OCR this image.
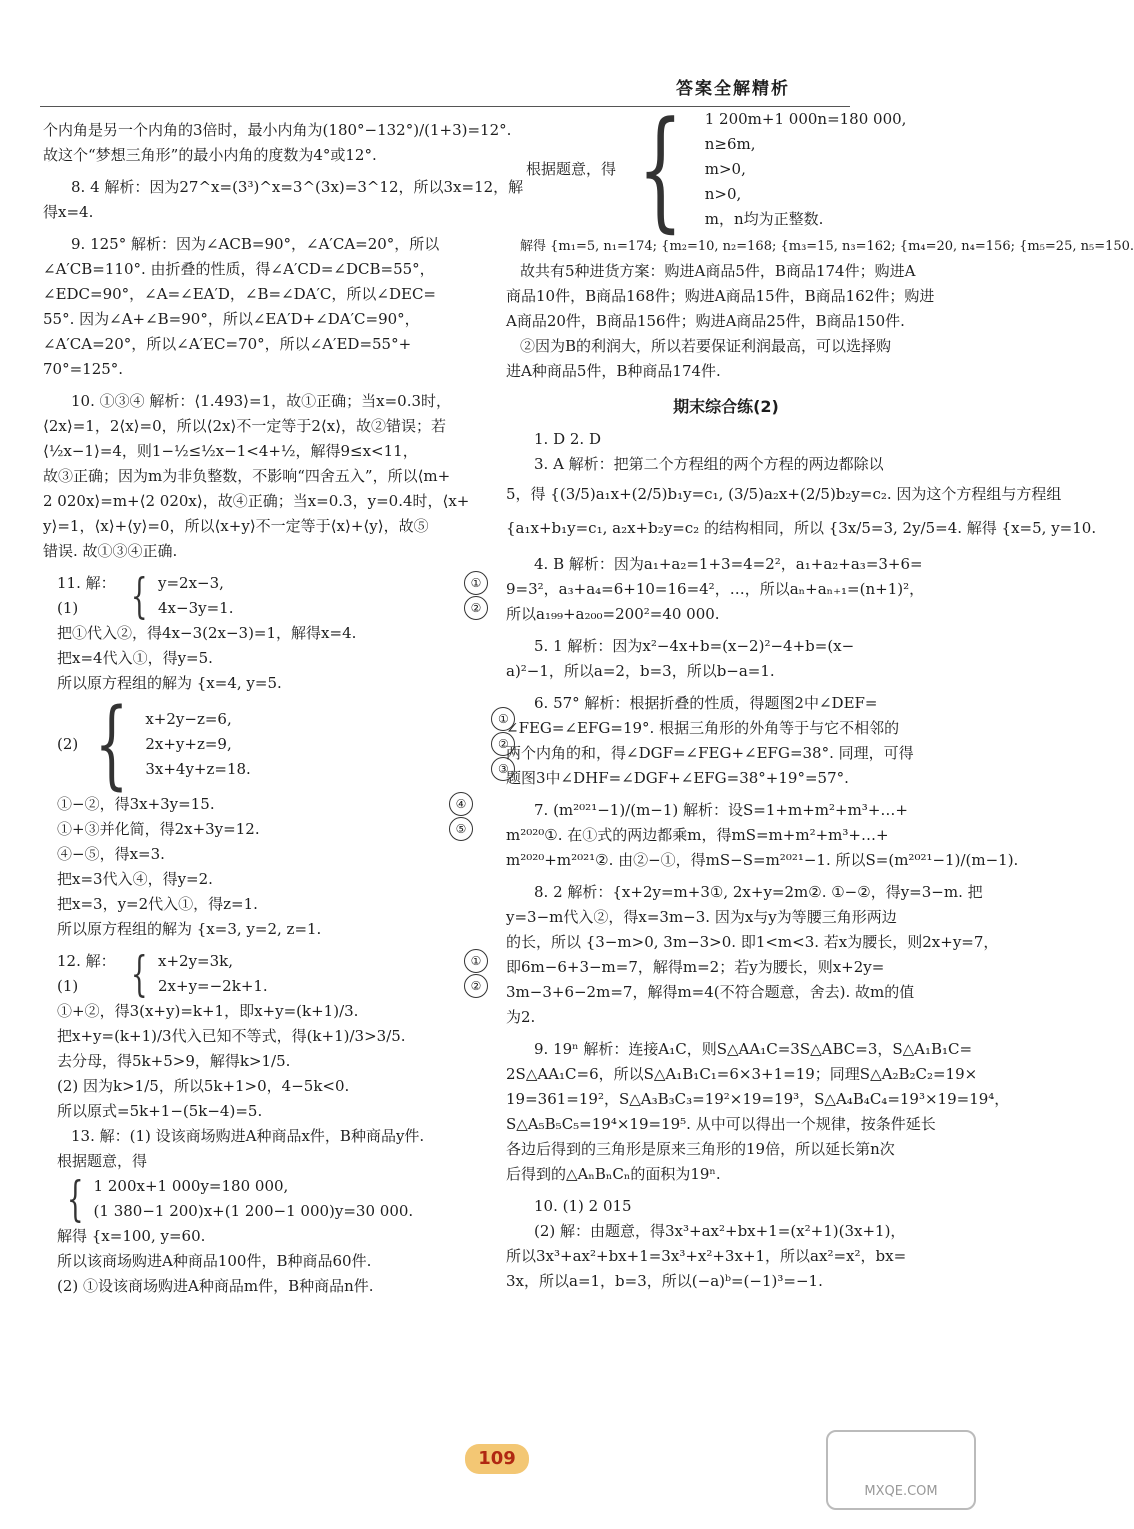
答案全解精析
个内角是另一个内角的3倍时，最小内角为(180°−132°)/(1+3)=12°.
故这个“梦想三角形”的最小内角的度数为4°或12°.
8. 4 解析：因为27^x=(3³)^x=3^(3x)=3^12，所以3x=12，解
得x=4.
9. 125° 解析：因为∠ACB=90°，∠A′CA=20°，所以
∠A′CB=110°. 由折叠的性质，得∠A′CD=∠DCB=55°，
∠EDC=90°，∠A=∠EA′D，∠B=∠DA′C，所以∠DEC=
55°. 因为∠A+∠B=90°，所以∠EA′D+∠DA′C=90°，
∠A′CA=20°，所以∠A′EC=70°，所以∠A′ED=55°+
70°=125°.
10. ①③④ 解析：⟨1.493⟩=1，故①正确；当x=0.3时，
⟨2x⟩=1，2⟨x⟩=0，所以⟨2x⟩不一定等于2⟨x⟩，故②错误；若
⟨½x−1⟩=4，则1−½≤½x−1<4+½，解得9≤x<11，
故③正确；因为m为非负整数，不影响“四舍五入”，所以⟨m+
2 020x⟩=m+⟨2 020x⟩，故④正确；当x=0.3，y=0.4时，⟨x+
y⟩=1，⟨x⟩+⟨y⟩=0，所以⟨x+y⟩不一定等于⟨x⟩+⟨y⟩，故⑤
错误. 故①③④正确.
11. 解：(1)	{ y=2x−3,	①
4x−3y=1.	②
把①代入②，得4x−3(2x−3)=1，解得x=4.
把x=4代入①，得y=5.
所以原方程组的解为 {x=4, y=5.
(2) { x+2y−z=6,	①
2x+y+z=9,	②
3x+4y+z=18.	③
①−②，得3x+3y=15.	④
①+③并化简，得2x+3y=12.	⑤
④−⑤，得x=3.
把x=3代入④，得y=2.
把x=3，y=2代入①，得z=1.
所以原方程组的解为 {x=3, y=2, z=1.
12. 解：(1)	{ x+2y=3k,	①
2x+y=−2k+1.	②
①+②，得3(x+y)=k+1，即x+y=(k+1)/3.
把x+y=(k+1)/3代入已知不等式，得(k+1)/3>3/5.
去分母，得5k+5>9，解得k>1/5.
(2) 因为k>1/5，所以5k+1>0，4−5k<0.
所以原式=5k+1−(5k−4)=5.
13. 解：(1) 设该商场购进A种商品x件，B种商品y件.
根据题意，得
{ 1 200x+1 000y=180 000,
(1 380−1 200)x+(1 200−1 000)y=30 000.
解得 {x=100, y=60.
所以该商场购进A种商品100件，B种商品60件.
(2) ①设该商场购进A种商品m件，B种商品n件.
根据题意，得 { 1 200m+1 000n=180 000,
n≥6m,
m>0,
n>0,
m，n均为正整数.
解得 {m₁=5, n₁=174; {m₂=10, n₂=168; {m₃=15, n₃=162; {m₄=20, n₄=156; {m₅=25, n₅=150.
故共有5种进货方案：购进A商品5件，B商品174件；购进A
商品10件，B商品168件；购进A商品15件，B商品162件；购进
A商品20件，B商品156件；购进A商品25件，B商品150件.
②因为B的利润大，所以若要保证利润最高，可以选择购
进A种商品5件，B种商品174件.
期末综合练(2)
1. D 2. D
3. A 解析：把第二个方程组的两个方程的两边都除以
5，得 {(3/5)a₁x+(2/5)b₁y=c₁, (3/5)a₂x+(2/5)b₂y=c₂. 因为这个方程组与方程组
{a₁x+b₁y=c₁, a₂x+b₂y=c₂ 的结构相同，所以 {3x/5=3, 2y/5=4. 解得 {x=5, y=10.
4. B 解析：因为a₁+a₂=1+3=4=2²，a₁+a₂+a₃=3+6=
9=3²，a₃+a₄=6+10=16=4²，…，所以aₙ+aₙ₊₁=(n+1)²，
所以a₁₉₉+a₂₀₀=200²=40 000.
5. 1 解析：因为x²−4x+b=(x−2)²−4+b=(x−
a)²−1，所以a=2，b=3，所以b−a=1.
6. 57° 解析：根据折叠的性质，得题图2中∠DEF=
∠FEG=∠EFG=19°. 根据三角形的外角等于与它不相邻的
两个内角的和，得∠DGF=∠FEG+∠EFG=38°. 同理，可得
题图3中∠DHF=∠DGF+∠EFG=38°+19°=57°.
7. (m²⁰²¹−1)/(m−1) 解析：设S=1+m+m²+m³+…+
m²⁰²⁰①. 在①式的两边都乘m，得mS=m+m²+m³+…+
m²⁰²⁰+m²⁰²¹②. 由②−①，得mS−S=m²⁰²¹−1. 所以S=(m²⁰²¹−1)/(m−1).
8. 2 解析：{x+2y=m+3①, 2x+y=2m②. ①−②，得y=3−m. 把
y=3−m代入②，得x=3m−3. 因为x与y为等腰三角形两边
的长，所以 {3−m>0, 3m−3>0. 即1<m<3. 若x为腰长，则2x+y=7，
即6m−6+3−m=7，解得m=2；若y为腰长，则x+2y=
3m−3+6−2m=7，解得m=4(不符合题意，舍去). 故m的值
为2.
9. 19ⁿ 解析：连接A₁C，则S△AA₁C=3S△ABC=3，S△A₁B₁C=
2S△AA₁C=6，所以S△A₁B₁C₁=6×3+1=19；同理S△A₂B₂C₂=19×
19=361=19²，S△A₃B₃C₃=19²×19=19³，S△A₄B₄C₄=19³×19=19⁴，
S△A₅B₅C₅=19⁴×19=19⁵. 从中可以得出一个规律，按条件延长
各边后得到的三角形是原来三角形的19倍，所以延长第n次
后得到的△AₙBₙCₙ的面积为19ⁿ.
10. (1) 2 015
(2) 解：由题意，得3x³+ax²+bx+1=(x²+1)(3x+1)，
所以3x³+ax²+bx+1=3x³+x²+3x+1，所以ax²=x²，bx=
3x，所以a=1，b=3，所以(−a)ᵇ=(−1)³=−1.
109
MXQE.COM
